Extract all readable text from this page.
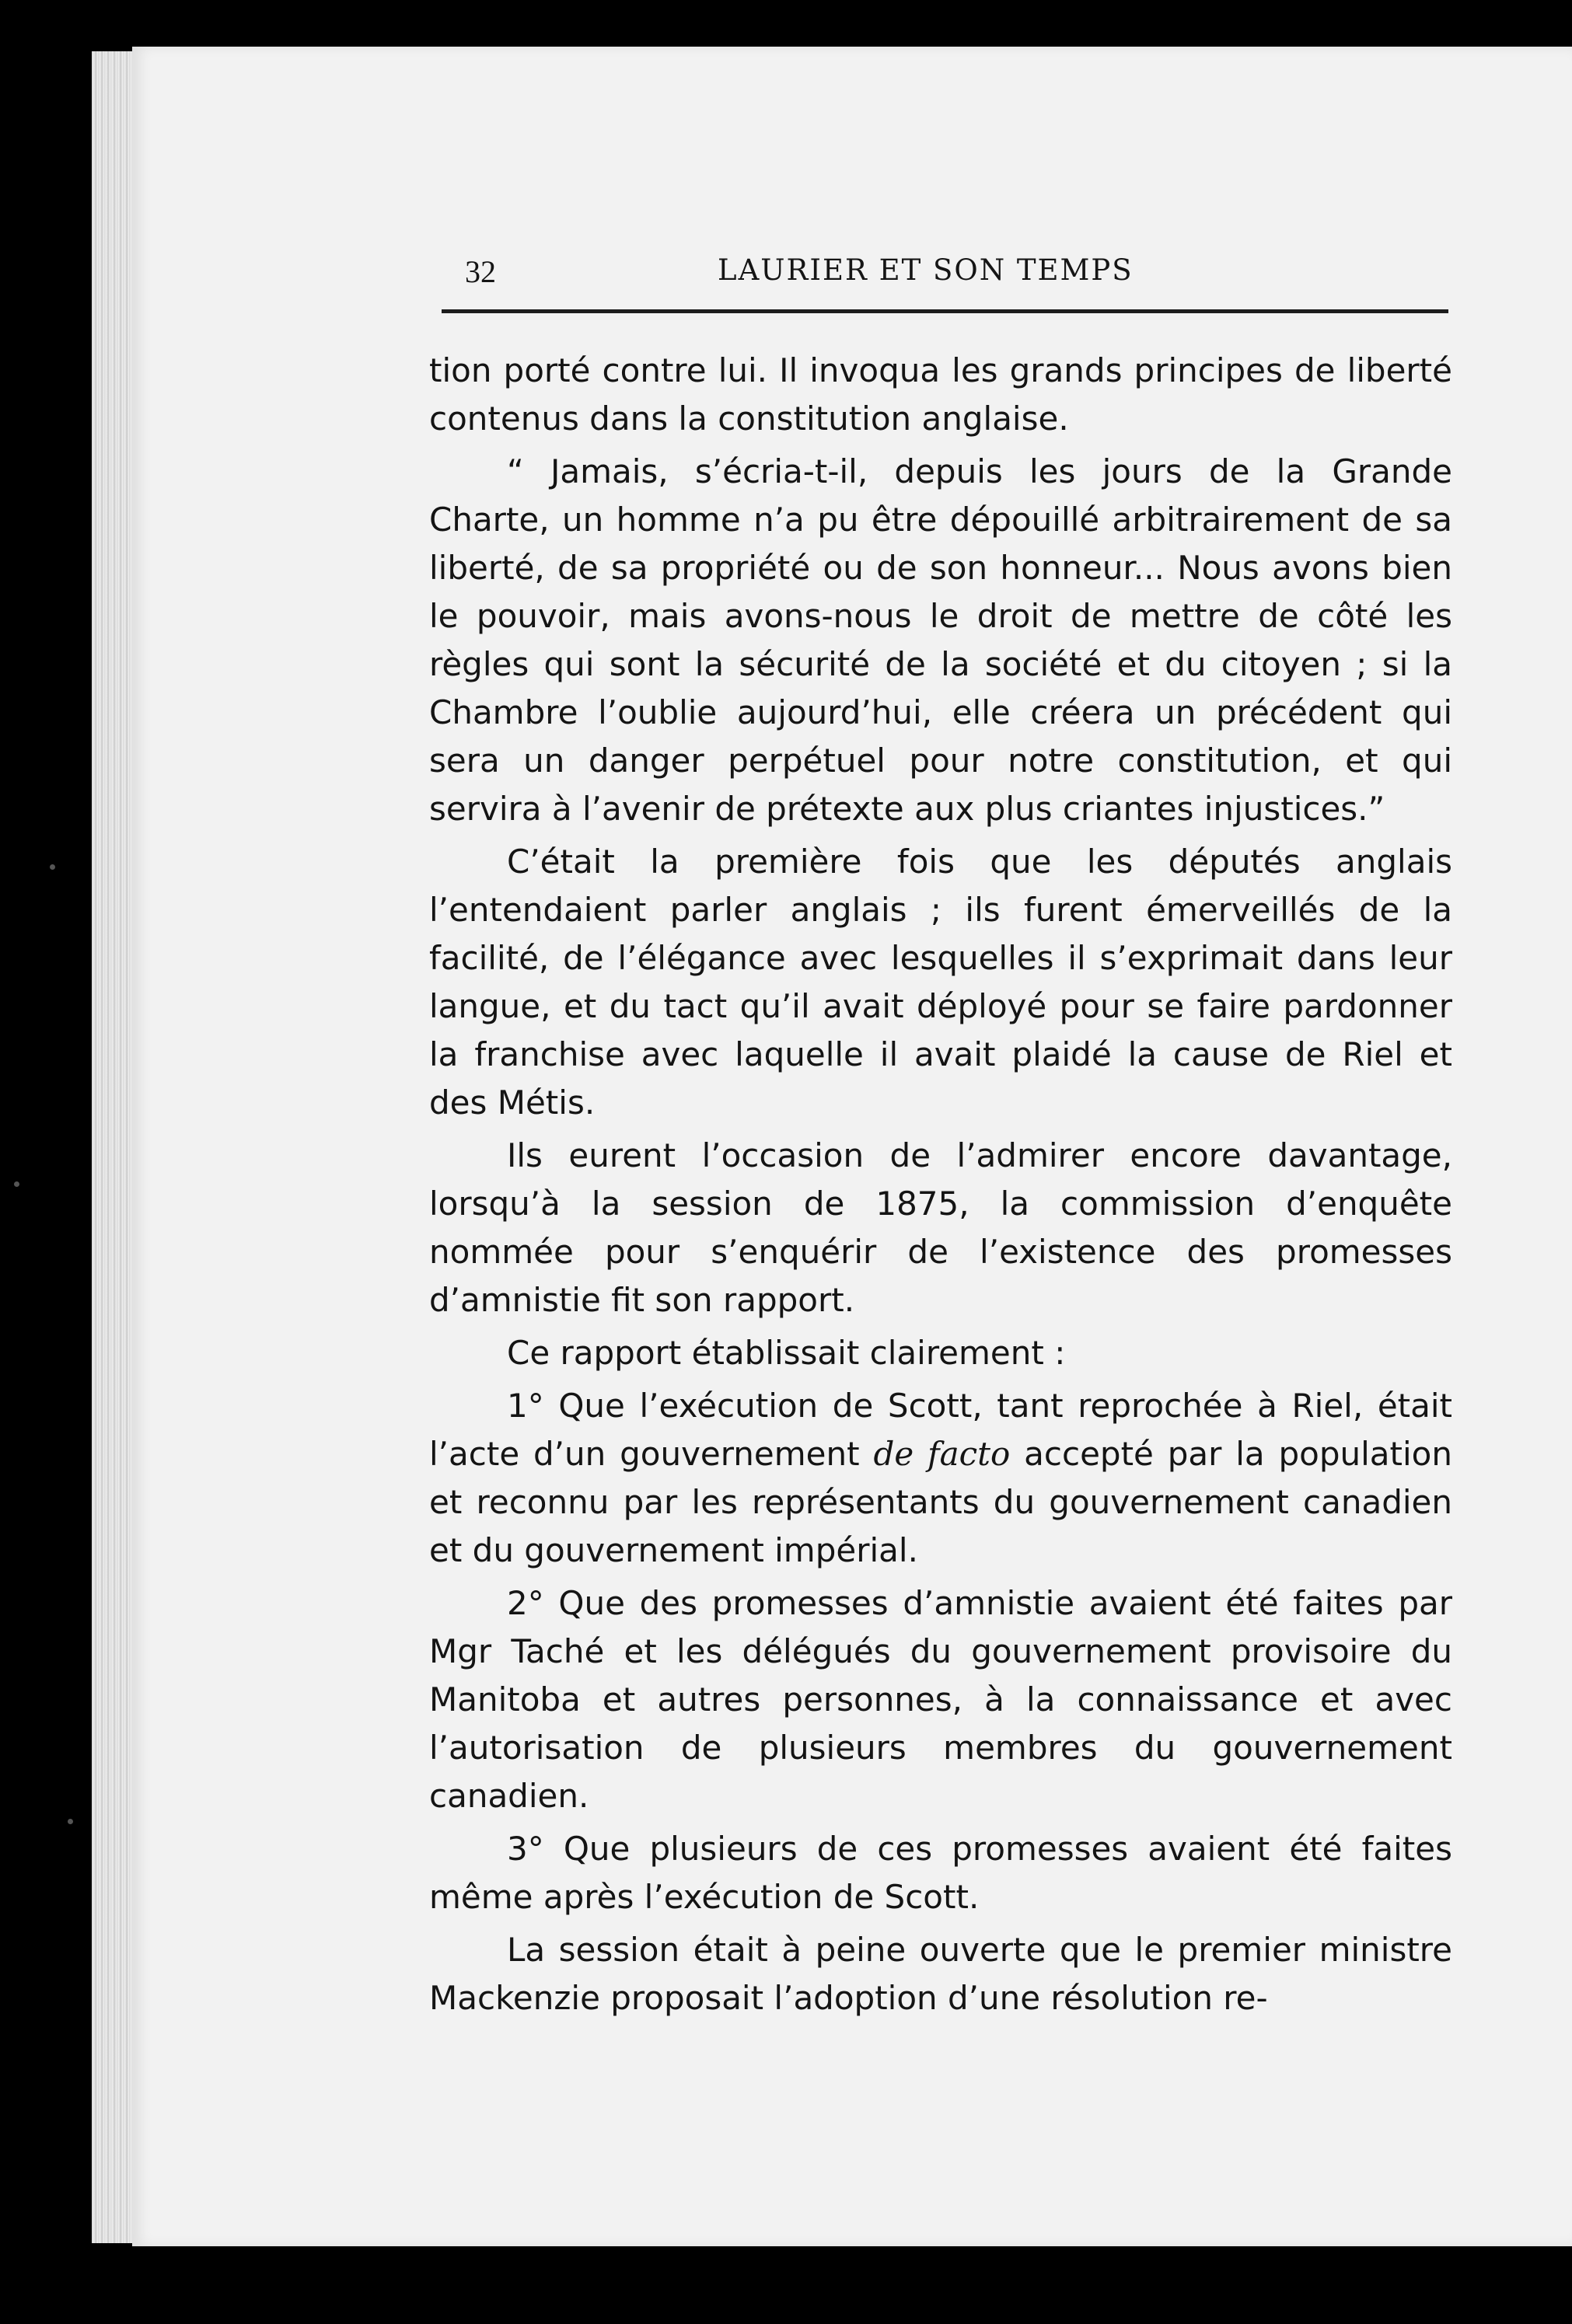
32	LAURIER ET SON TEMPS

tion porté contre lui. Il invoqua les grands principes de liberté contenus dans la constitution anglaise.

“ Jamais, s’écria-t-il, depuis les jours de la Grande Charte, un homme n’a pu être dépouillé arbitrairement de sa liberté, de sa propriété ou de son honneur... Nous avons bien le pouvoir, mais avons-nous le droit de mettre de côté les règles qui sont la sécurité de la société et du citoyen ; si la Chambre l’oublie aujourd’hui, elle créera un précédent qui sera un danger perpétuel pour notre constitution, et qui servira à l’avenir de prétexte aux plus criantes injustices.”

C’était la première fois que les députés anglais l’entendaient parler anglais ; ils furent émerveillés de la facilité, de l’élégance avec lesquelles il s’exprimait dans leur langue, et du tact qu’il avait déployé pour se faire pardonner la franchise avec laquelle il avait plaidé la cause de Riel et des Métis.

Ils eurent l’occasion de l’admirer encore davantage, lorsqu’à la session de 1875, la commission d’enquête nommée pour s’enquérir de l’existence des promesses d’amnistie fit son rapport.

Ce rapport établissait clairement :

1° Que l’exécution de Scott, tant reprochée à Riel, était l’acte d’un gouvernement de facto accepté par la population et reconnu par les représentants du gouvernement canadien et du gouvernement impérial.

2° Que des promesses d’amnistie avaient été faites par Mgr Taché et les délégués du gouvernement provisoire du Manitoba et autres personnes, à la connaissance et avec l’autorisation de plusieurs membres du gouvernement canadien.

3° Que plusieurs de ces promesses avaient été faites même après l’exécution de Scott.

La session était à peine ouverte que le premier ministre Mackenzie proposait l’adoption d’une résolution re-
